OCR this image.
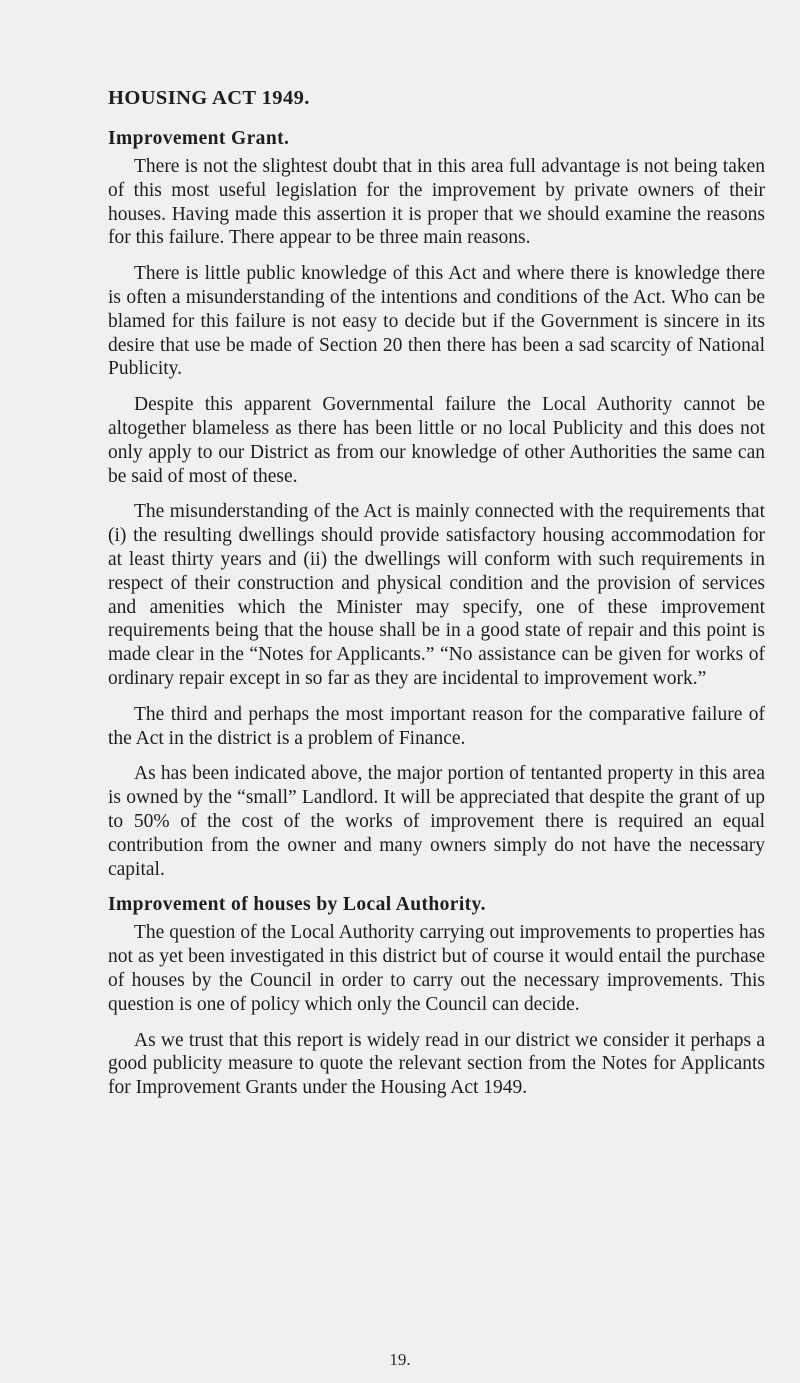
HOUSING ACT 1949.
Improvement Grant.

There is not the slightest doubt that in this area full advantage is not being taken of this most useful legislation for the improvement by private owners of their houses. Having made this assertion it is proper that we should examine the reasons for this failure. There appear to be three main reasons.

There is little public knowledge of this Act and where there is knowledge there is often a misunderstanding of the intentions and conditions of the Act. Who can be blamed for this failure is not easy to decide but if the Government is sincere in its desire that use be made of Section 20 then there has been a sad scarcity of National Publicity.

Despite this apparent Governmental failure the Local Authority cannot be altogether blameless as there has been little or no local Publicity and this does not only apply to our District as from our knowledge of other Authorities the same can be said of most of these.

The misunderstanding of the Act is mainly connected with the requirements that (i) the resulting dwellings should provide satisfactory housing accommodation for at least thirty years and (ii) the dwellings will conform with such requirements in respect of their construction and physical condition and the provision of services and amenities which the Minister may specify, one of these improvement requirements being that the house shall be in a good state of repair and this point is made clear in the “Notes for Applicants.” “No assistance can be given for works of ordinary repair except in so far as they are incidental to improvement work.”

The third and perhaps the most important reason for the comparative failure of the Act in the district is a problem of Finance.

As has been indicated above, the major portion of tentanted property in this area is owned by the “small” Landlord. It will be appreciated that despite the grant of up to 50% of the cost of the works of improvement there is required an equal contribution from the owner and many owners simply do not have the necessary capital.

Improvement of houses by Local Authority.

The question of the Local Authority carrying out improvements to properties has not as yet been investigated in this district but of course it would entail the purchase of houses by the Council in order to carry out the necessary improvements. This question is one of policy which only the Council can decide.

As we trust that this report is widely read in our district we consider it perhaps a good publicity measure to quote the relevant section from the Notes for Applicants for Improvement Grants under the Housing Act 1949.

19.
